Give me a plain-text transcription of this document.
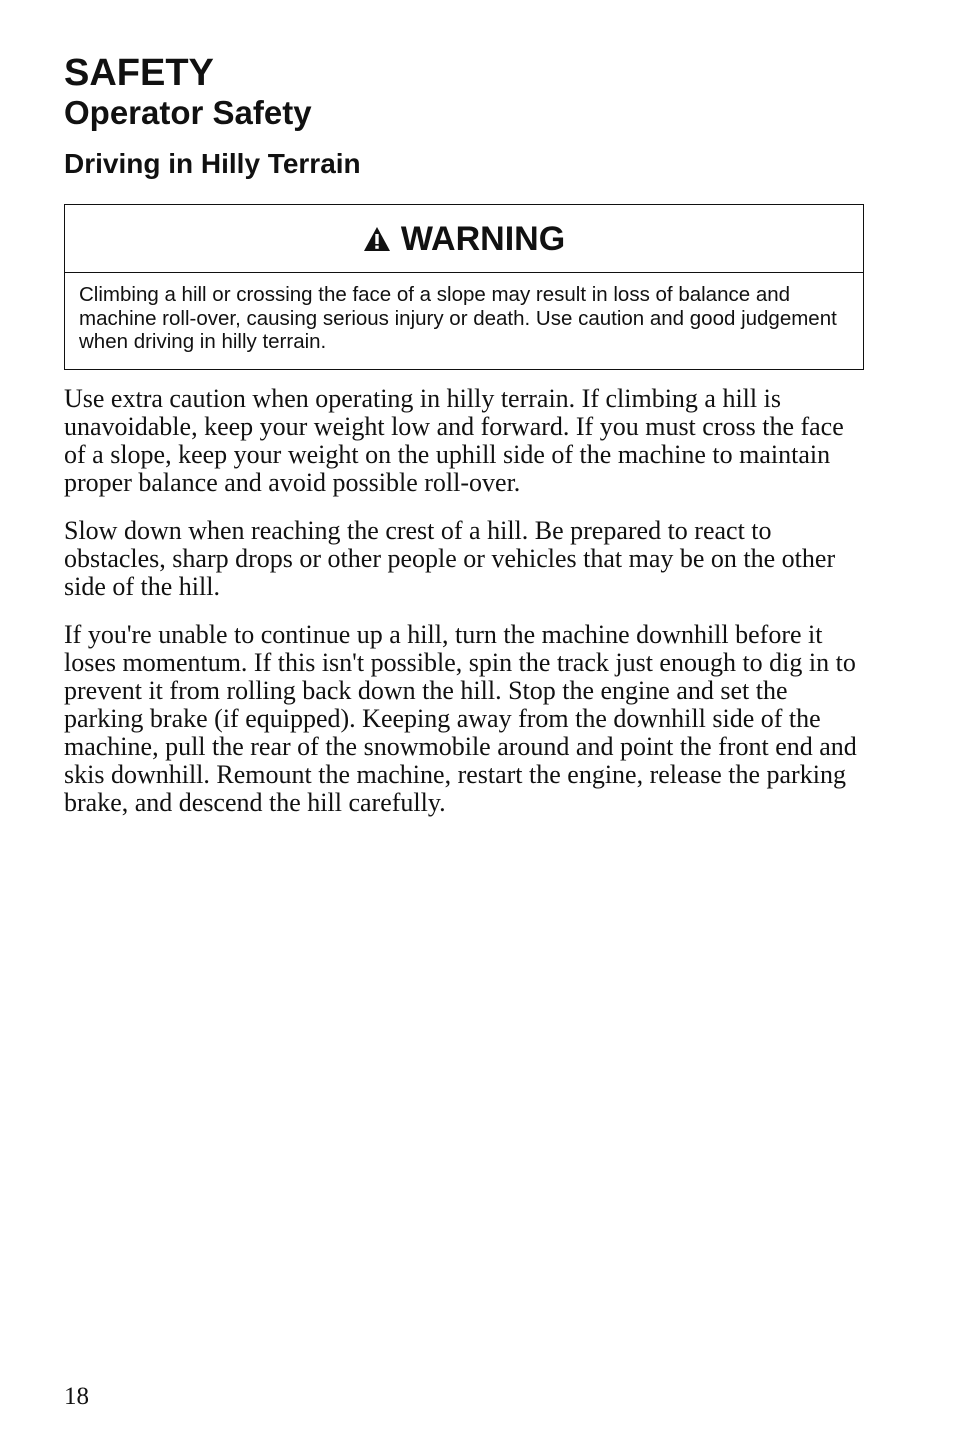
SAFETY
Operator Safety
Driving in Hilly Terrain
WARNING
Climbing a hill or crossing the face of a slope may result in loss of balance and machine roll-over, causing serious injury or death. Use caution and good judgement when driving in hilly terrain.

Use extra caution when operating in hilly terrain. If climbing a hill is unavoidable, keep your weight low and forward. If you must cross the face of a slope, keep your weight on the uphill side of the machine to maintain proper balance and avoid possible roll-over.

Slow down when reaching the crest of a hill. Be prepared to react to obstacles, sharp drops or other people or vehicles that may be on the other side of the hill.

If you're unable to continue up a hill, turn the machine downhill before it loses momentum. If this isn't possible, spin the track just enough to dig in to prevent it from rolling back down the hill. Stop the engine and set the parking brake (if equipped). Keeping away from the downhill side of the machine, pull the rear of the snowmobile around and point the front end and skis downhill. Remount the machine, restart the engine, release the parking brake, and descend the hill carefully.

18
